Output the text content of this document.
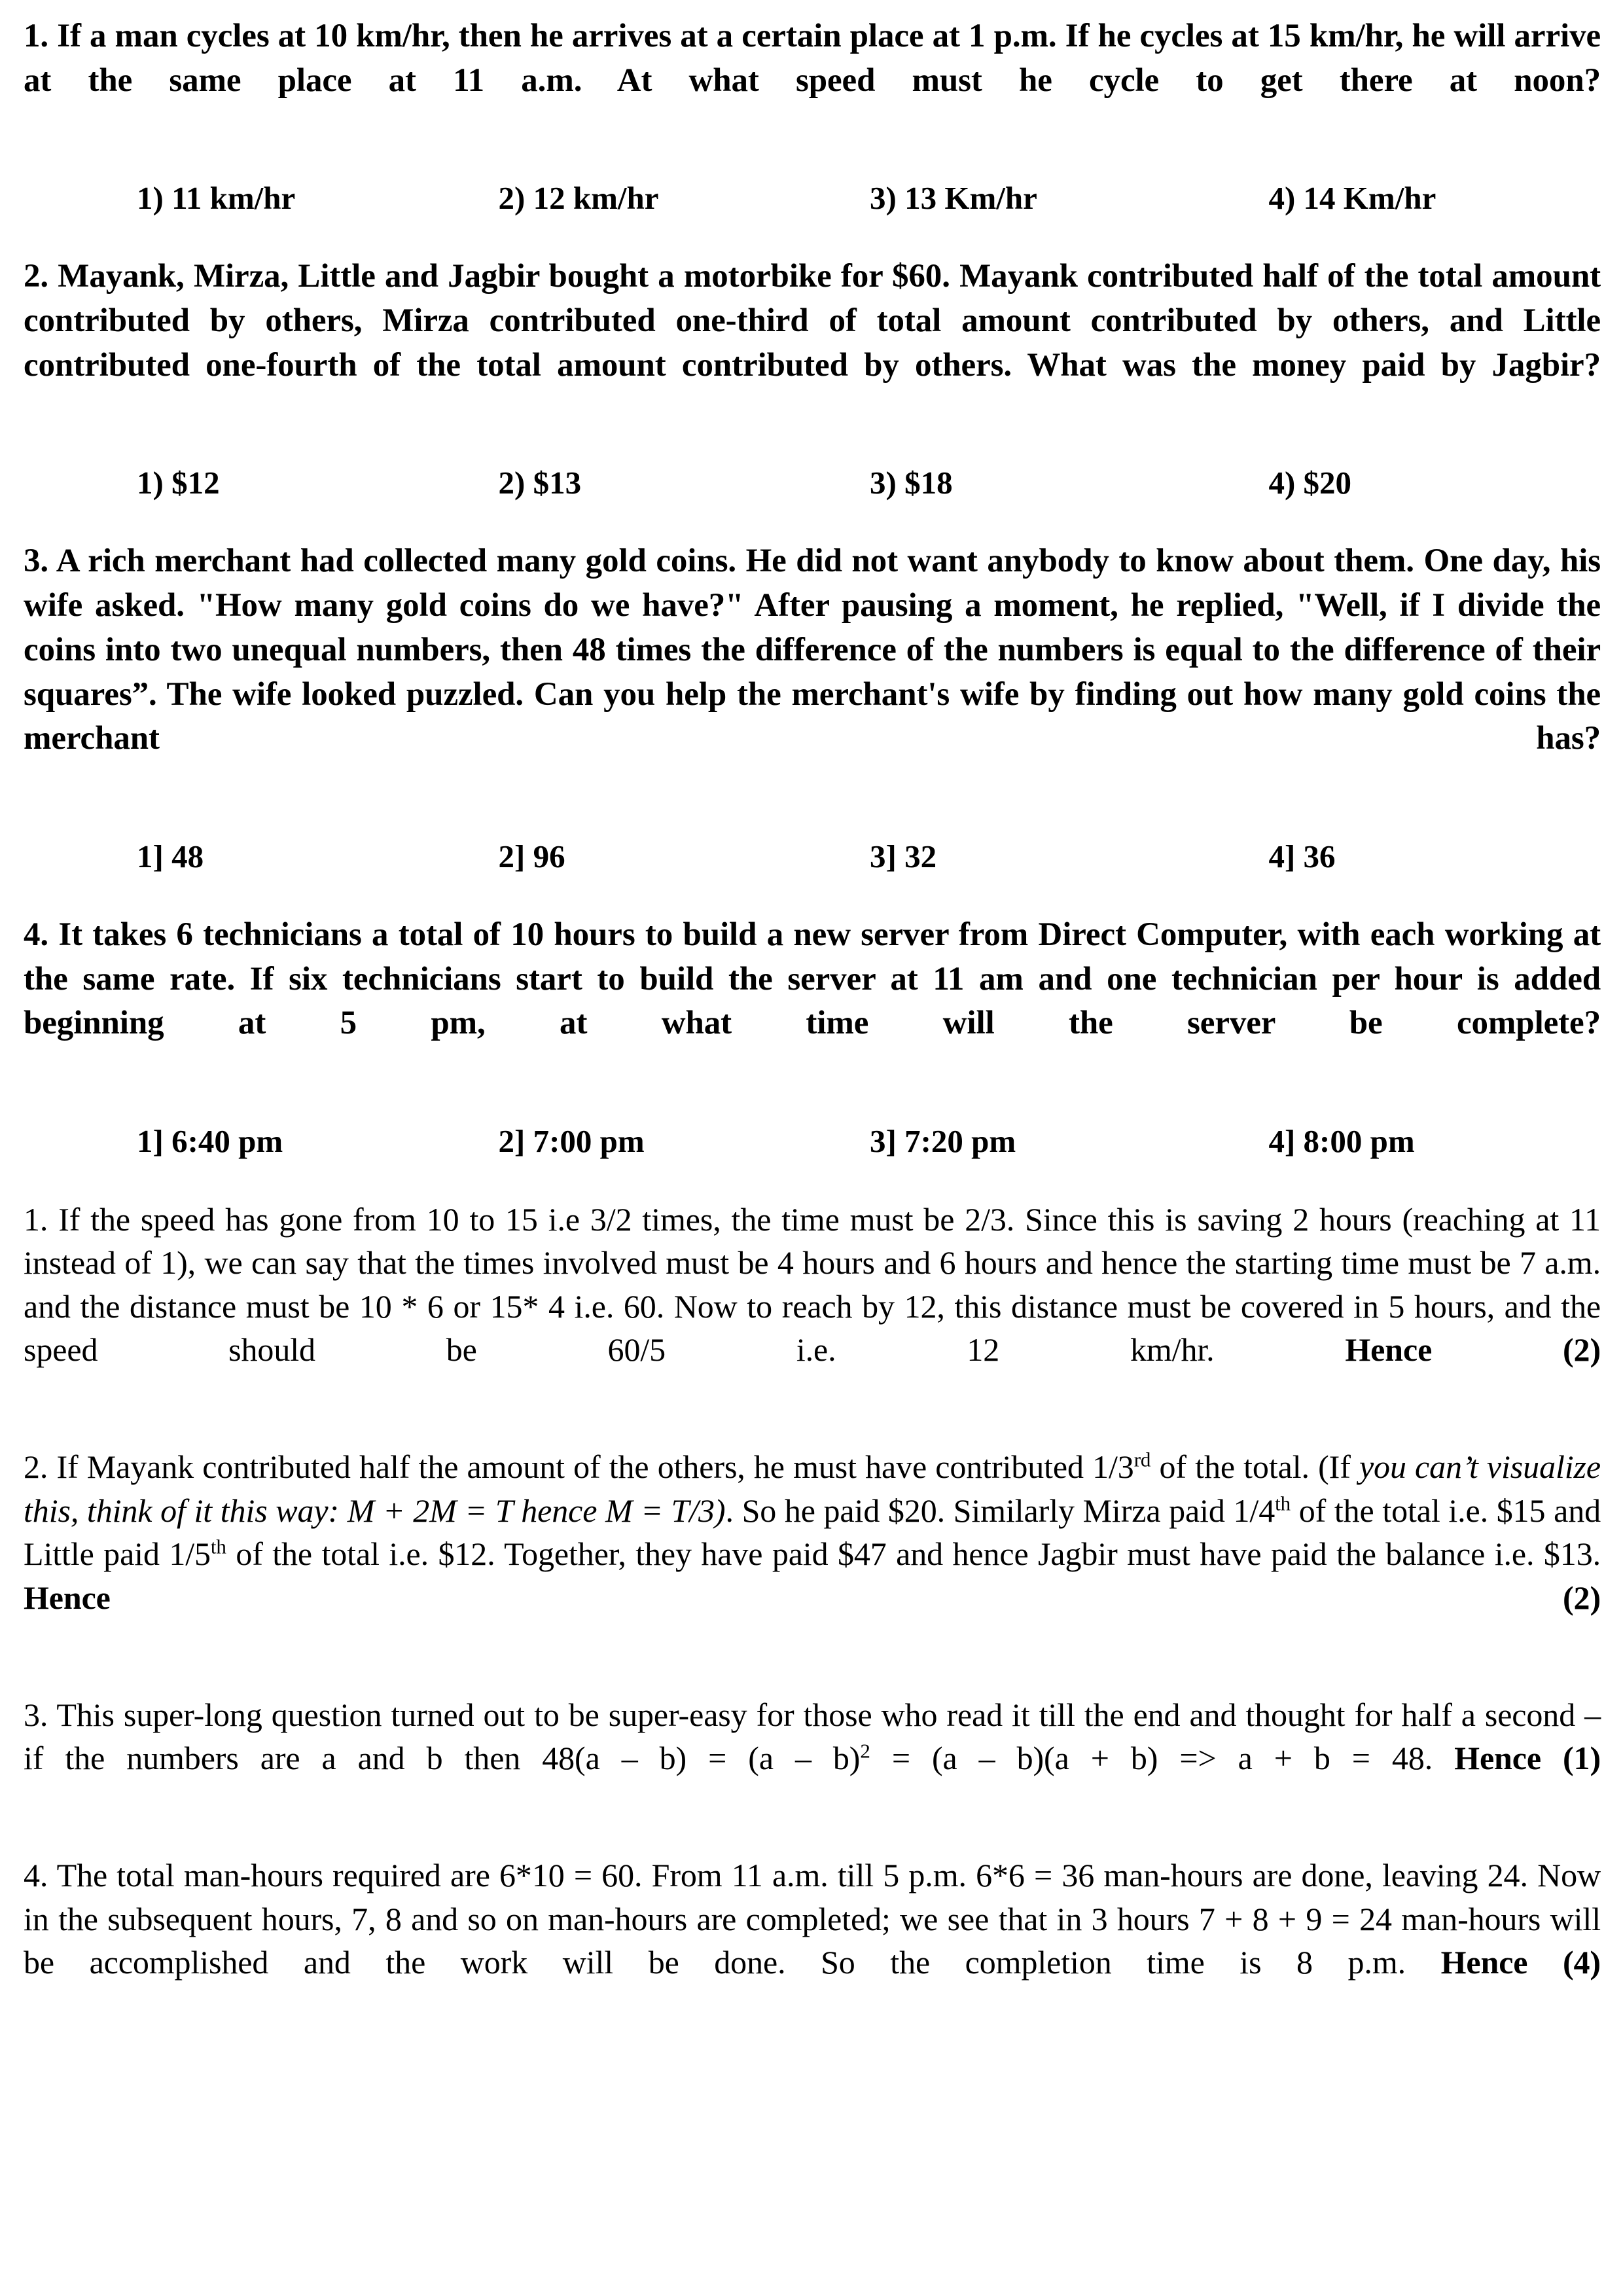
1. If a man cycles at 10 km/hr, then he arrives at a certain place at 1 p.m. If he cycles at 15 km/hr, he will arrive at the same place at 11 a.m. At what speed must he cycle to get there at noon?

1) 11 km/hr	2) 12 km/hr	3) 13 Km/hr	4) 14 Km/hr

2. Mayank, Mirza, Little and Jagbir bought a motorbike for $60. Mayank contributed half of the total amount contributed by others, Mirza contributed one-third of total amount contributed by others, and Little contributed one-fourth of the total amount contributed by others. What was the money paid by Jagbir?

1) $12	2) $13	3) $18	4) $20

3. A rich merchant had collected many gold coins. He did not want anybody to know about them. One day, his wife asked. "How many gold coins do we have?" After pausing a moment, he replied, "Well, if I divide the coins into two unequal numbers, then 48 times the difference of the numbers is equal to the difference of their squares”. The wife looked puzzled. Can you help the merchant's wife by finding out how many gold coins the merchant has?

1] 48	2] 96	3] 32	4] 36

4. It takes 6 technicians a total of 10 hours to build a new server from Direct Computer, with each working at the same rate. If six technicians start to build the server at 11 am and one technician per hour is added beginning at 5 pm, at what time will the server be complete?

1] 6:40 pm	2] 7:00 pm	3] 7:20 pm	4] 8:00 pm

1. If the speed has gone from 10 to 15 i.e 3/2 times, the time must be 2/3. Since this is saving 2 hours (reaching at 11 instead of 1), we can say that the times involved must be 4 hours and 6 hours and hence the starting time must be 7 a.m. and the distance must be 10 * 6 or 15* 4 i.e. 60. Now to reach by 12, this distance must be covered in 5 hours, and the speed should be 60/5 i.e. 12 km/hr. Hence (2)

2. If Mayank contributed half the amount of the others, he must have contributed 1/3rd of the total. (If you can’t visualize this, think of it this way: M + 2M = T hence M = T/3). So he paid $20. Similarly Mirza paid 1/4th of the total i.e. $15 and Little paid 1/5th of the total i.e. $12. Together, they have paid $47 and hence Jagbir must have paid the balance i.e. $13. Hence (2)

3. This super-long question turned out to be super-easy for those who read it till the end and thought for half a second – if the numbers are a and b then 48(a – b) = (a – b)$^2$ = (a – b)(a + b) => a + b = 48. Hence (1)

4. The total man-hours required are 6*10 = 60. From 11 a.m. till 5 p.m. 6*6 = 36 man-hours are done, leaving 24. Now in the subsequent hours, 7, 8 and so on man-hours are completed; we see that in 3 hours 7 + 8 + 9 = 24 man-hours will be accomplished and the work will be done. So the completion time is 8 p.m. Hence (4)
